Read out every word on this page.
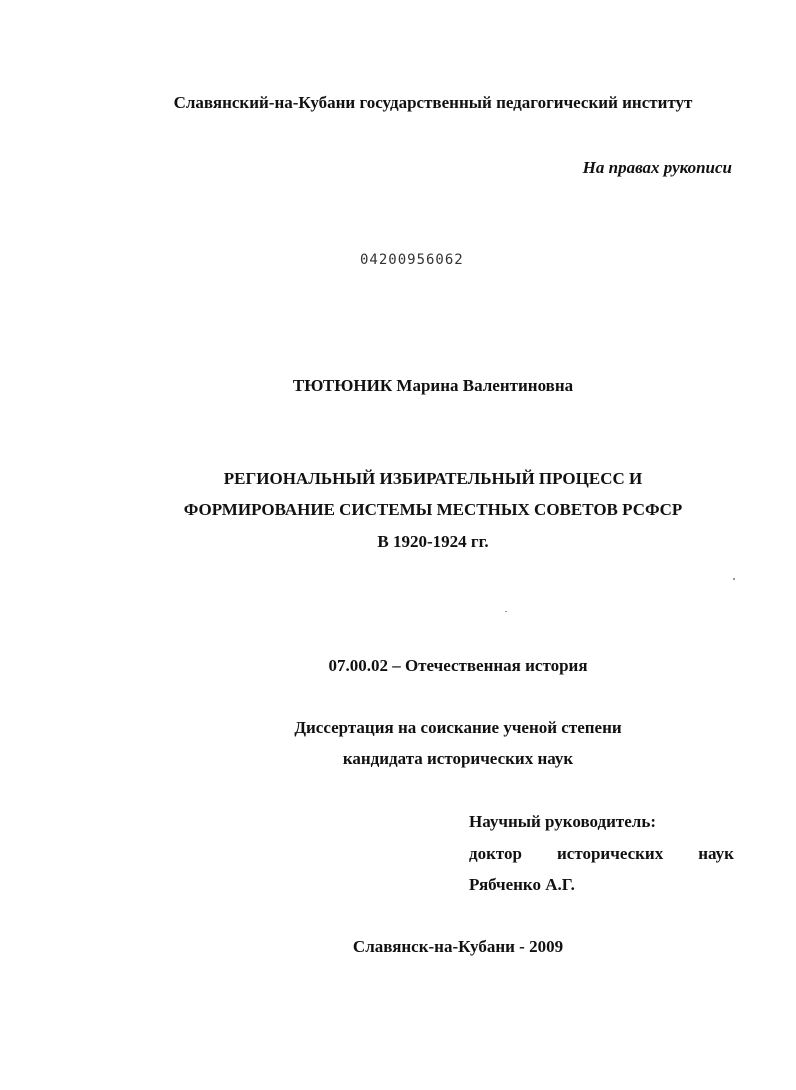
Славянский-на-Кубани государственный педагогический институт
На правах рукописи
04200956062
ТЮТЮНИК Марина Валентиновна
РЕГИОНАЛЬНЫЙ ИЗБИРАТЕЛЬНЫЙ ПРОЦЕСС И
ФОРМИРОВАНИЕ СИСТЕМЫ МЕСТНЫХ СОВЕТОВ РСФСР
В 1920-1924 гг.
07.00.02 – Отечественная история
Диссертация на соискание ученой степени
кандидата исторических наук
Научный руководитель:
доктор исторических наук
Рябченко А.Г.
Славянск-на-Кубани - 2009
